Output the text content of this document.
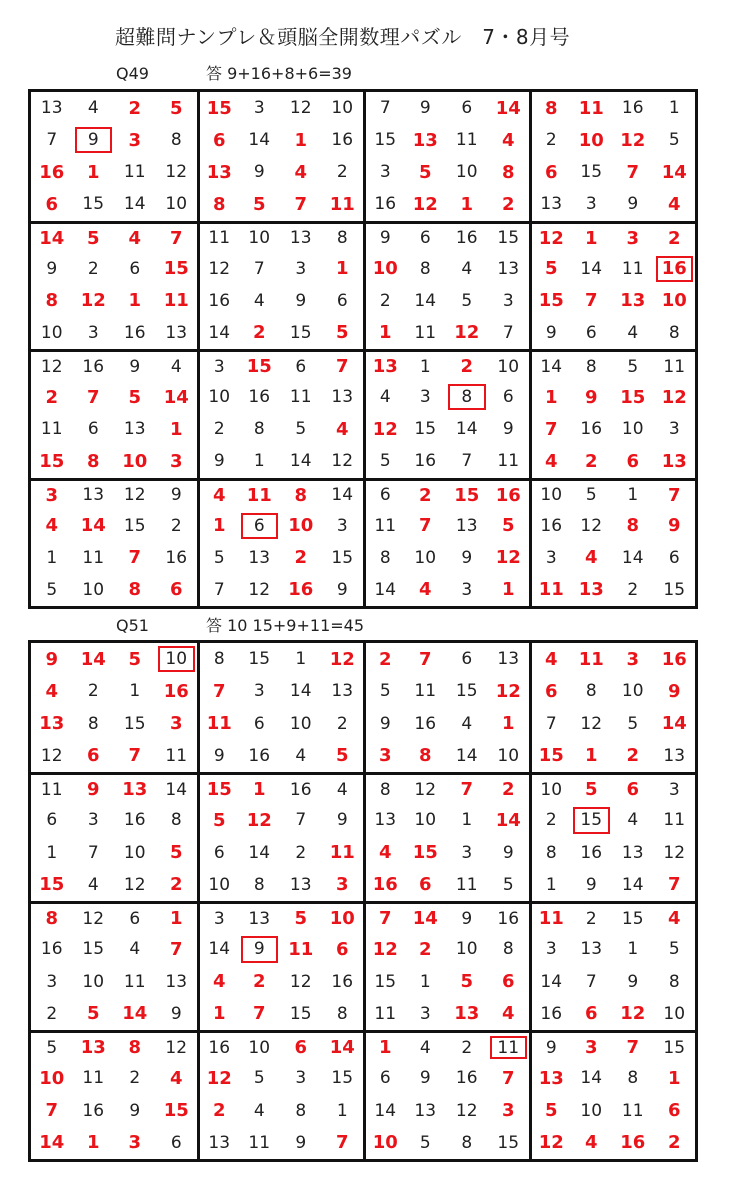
超難問ナンプレ＆頭脳全開数理パズル　7・8月号
Q49	答 9+16+8+6=39
13 4 2 5 15 3 12 10 7 9 6 14 8 11 16 1
7 9 3 8 6 14 1 16 15 13 11 4 2 10 12 5
16 1 11 12 13 9 4 2 3 5 10 8 6 15 7 14
6 15 14 10 8 5 7 11 16 12 1 2 13 3 9 4
14 5 4 7 11 10 13 8 9 6 16 15 12 1 3 2
9 2 6 15 12 7 3 1 10 8 4 13 5 14 11 16
8 12 1 11 16 4 9 6 2 14 5 3 15 7 13 10
10 3 16 13 14 2 15 5 1 11 12 7 9 6 4 8
12 16 9 4 3 15 6 7 13 1 2 10 14 8 5 11
2 7 5 14 10 16 11 13 4 3 8 6 1 9 15 12
11 6 13 1 2 8 5 4 12 15 14 9 7 16 10 3
15 8 10 3 9 1 14 12 5 16 7 11 4 2 6 13
3 13 12 9 4 11 8 14 6 2 15 16 10 5 1 7
4 14 15 2 1 6 10 3 11 7 13 5 16 12 8 9
1 11 7 16 5 13 2 15 8 10 9 12 3 4 14 6
5 10 8 6 7 12 16 9 14 4 3 1 11 13 2 15
Q51	答 10 15+9+11=45
9 14 5 10 8 15 1 12 2 7 6 13 4 11 3 16
4 2 1 16 7 3 14 13 5 11 15 12 6 8 10 9
13 8 15 3 11 6 10 2 9 16 4 1 7 12 5 14
12 6 7 11 9 16 4 5 3 8 14 10 15 1 2 13
11 9 13 14 15 1 16 4 8 12 7 2 10 5 6 3
6 3 16 8 5 12 7 9 13 10 1 14 2 15 4 11
1 7 10 5 6 14 2 11 4 15 3 9 8 16 13 12
15 4 12 2 10 8 13 3 16 6 11 5 1 9 14 7
8 12 6 1 3 13 5 10 7 14 9 16 11 2 15 4
16 15 4 7 14 9 11 6 12 2 10 8 3 13 1 5
3 10 11 13 4 2 12 16 15 1 5 6 14 7 9 8
2 5 14 9 1 7 15 8 11 3 13 4 16 6 12 10
5 13 8 12 16 10 6 14 1 4 2 11 9 3 7 15
10 11 2 4 12 5 3 15 6 9 16 7 13 14 8 1
7 16 9 15 2 4 8 1 14 13 12 3 5 10 11 6
14 1 3 6 13 11 9 7 10 5 8 15 12 4 16 2
